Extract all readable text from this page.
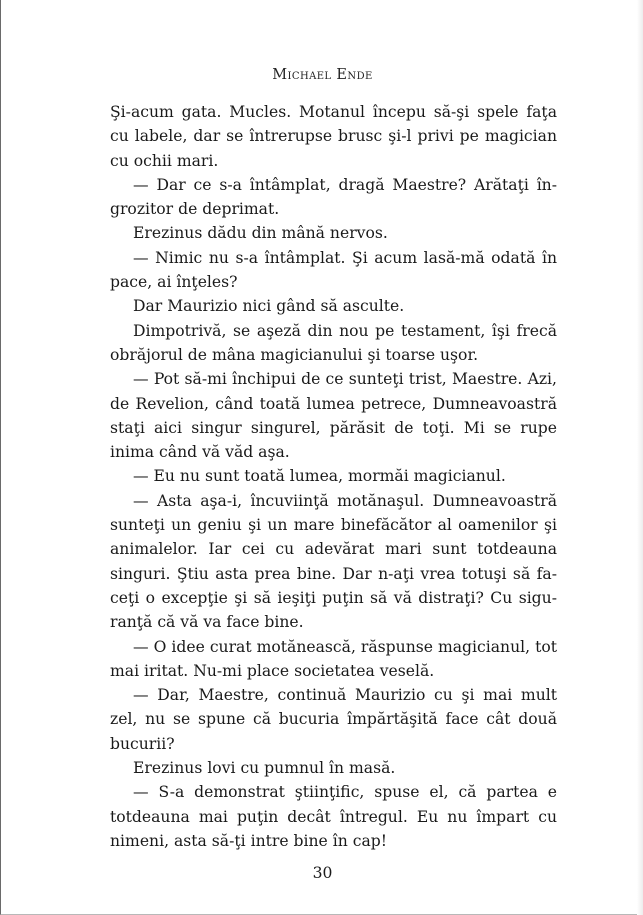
Michael Ende

Şi-acum gata. Mucles. Motanul începu să-şi spele faţa cu labele, dar se întrerupse brusc şi-l privi pe magician cu ochii mari.

— Dar ce s-a întâmplat, dragă Maestre? Arătaţi îngrozitor de deprimat.

Erezinus dădu din mână nervos.

— Nimic nu s-a întâmplat. Şi acum lasă-mă odată în pace, ai înţeles?

Dar Maurizio nici gând să asculte.

Dimpotrivă, se aşeză din nou pe testament, îşi frecă obrăjorul de mâna magicianului şi toarse uşor.

— Pot să-mi închipui de ce sunteţi trist, Maestre. Azi, de Revelion, când toată lumea petrece, Dumneavoastră staţi aici singur singurel, părăsit de toţi. Mi se rupe inima când vă văd aşa.

— Eu nu sunt toată lumea, mormăi magicianul.

— Asta aşa-i, încuviinţă motănaşul. Dumneavoastră sunteţi un geniu şi un mare binefăcător al oamenilor şi animalelor. Iar cei cu adevărat mari sunt totdeauna singuri. Ştiu asta prea bine. Dar n-aţi vrea totuşi să faceţi o excepţie şi să ieşiţi puţin să vă distraţi? Cu siguranţă că vă va face bine.

— O idee curat motănească, răspunse magicianul, tot mai iritat. Nu-mi place societatea veselă.

— Dar, Maestre, continuă Maurizio cu şi mai mult zel, nu se spune că bucuria împărtăşită face cât două bucurii?

Erezinus lovi cu pumnul în masă.

— S-a demonstrat ştiinţific, spuse el, că partea e totdeauna mai puţin decât întregul. Eu nu împart cu nimeni, asta să-ţi intre bine în cap!

30
